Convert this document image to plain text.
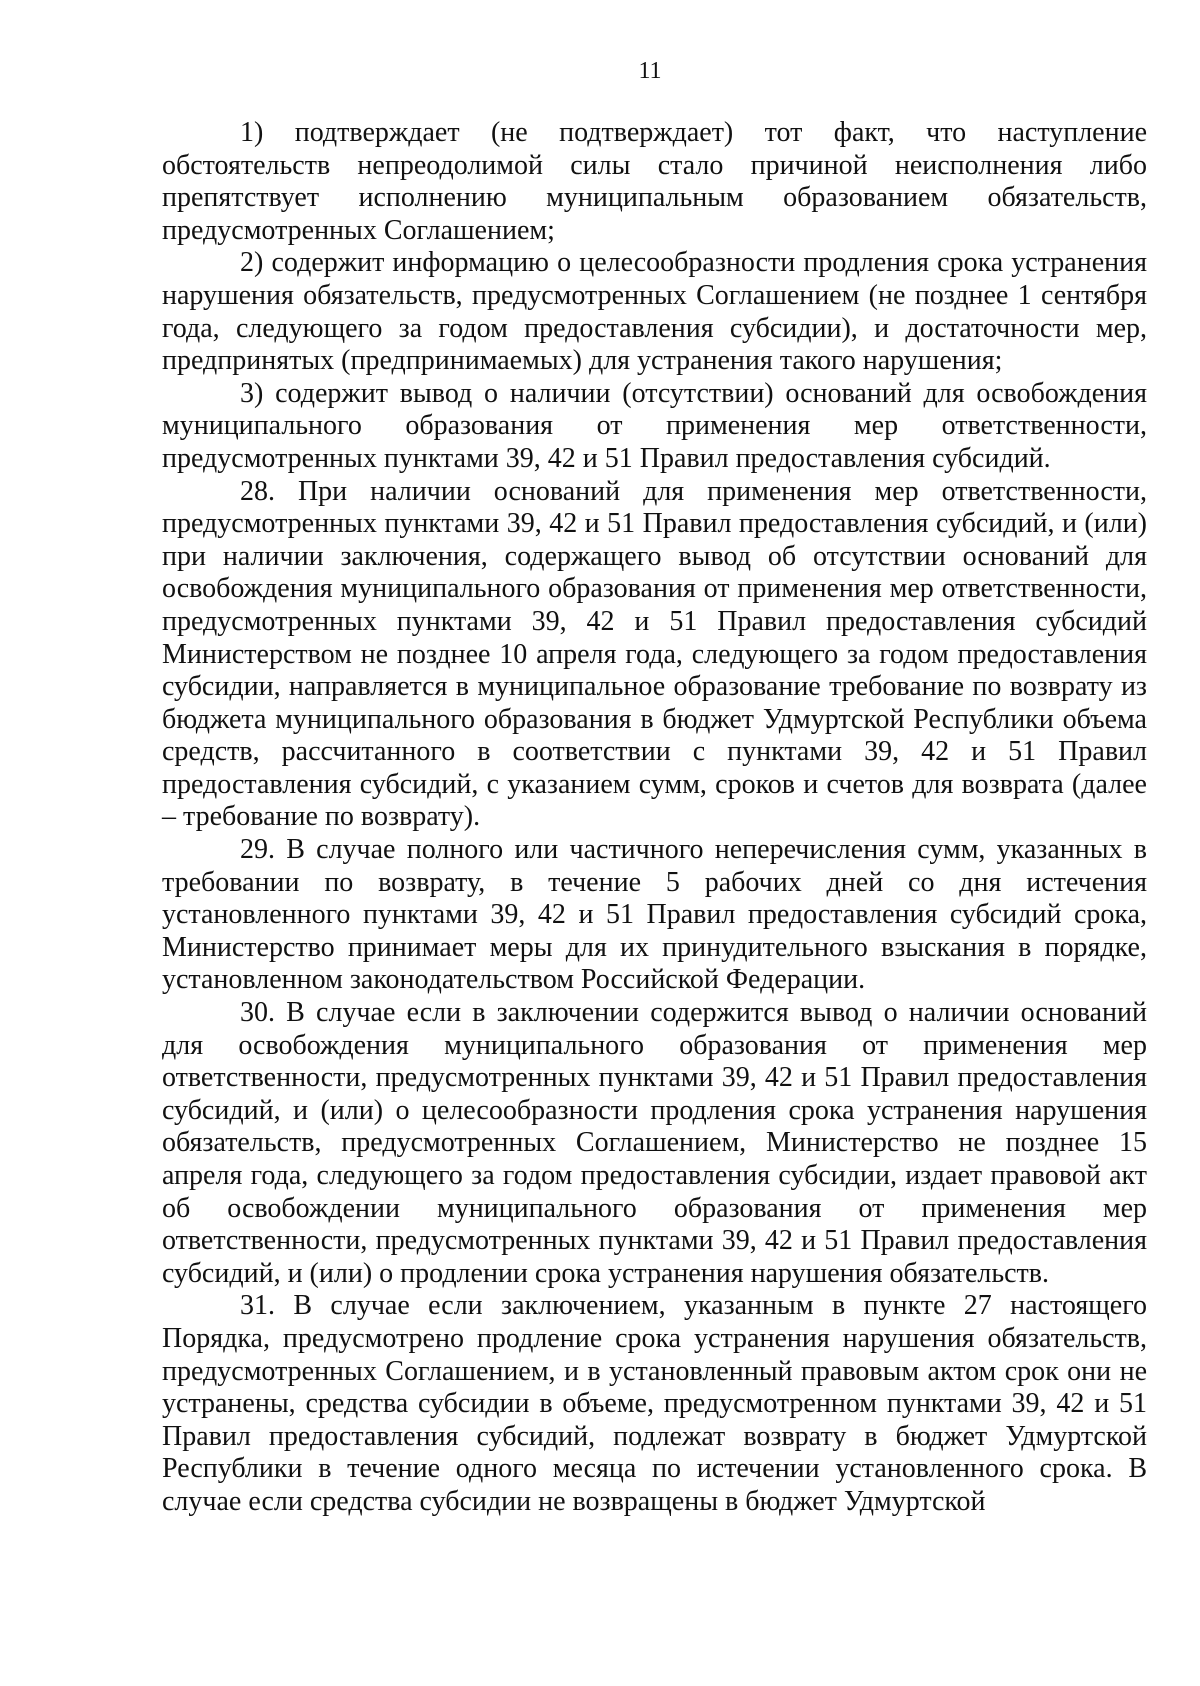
11

1) подтверждает (не подтверждает) тот факт, что наступление обстоятельств непреодолимой силы стало причиной неисполнения либо препятствует исполнению муниципальным образованием обязательств, предусмотренных Соглашением;

2) содержит информацию о целесообразности продления срока устранения нарушения обязательств, предусмотренных Соглашением (не позднее 1 сентября года, следующего за годом предоставления субсидии), и достаточности мер, предпринятых (предпринимаемых) для устранения такого нарушения;

3) содержит вывод о наличии (отсутствии) оснований для освобождения муниципального образования от применения мер ответственности, предусмотренных пунктами 39, 42 и 51 Правил предоставления субсидий.

28. При наличии оснований для применения мер ответственности, предусмотренных пунктами 39, 42 и 51 Правил предоставления субсидий, и (или) при наличии заключения, содержащего вывод об отсутствии оснований для освобождения муниципального образования от применения мер ответственности, предусмотренных пунктами 39, 42 и 51 Правил предоставления субсидий Министерством не позднее 10 апреля года, следующего за годом предоставления субсидии, направляется в муниципальное образование требование по возврату из бюджета муниципального образования в бюджет Удмуртской Республики объема средств, рассчитанного в соответствии с пунктами 39, 42 и 51 Правил предоставления субсидий, с указанием сумм, сроков и счетов для возврата (далее – требование по возврату).

29. В случае полного или частичного неперечисления сумм, указанных в требовании по возврату, в течение 5 рабочих дней со дня истечения установленного пунктами 39, 42 и 51 Правил предоставления субсидий срока, Министерство принимает меры для их принудительного взыскания в порядке, установленном законодательством Российской Федерации.

30. В случае если в заключении содержится вывод о наличии оснований для освобождения муниципального образования от применения мер ответственности, предусмотренных пунктами 39, 42 и 51 Правил предоставления субсидий, и (или) о целесообразности продления срока устранения нарушения обязательств, предусмотренных Соглашением, Министерство не позднее 15 апреля года, следующего за годом предоставления субсидии, издает правовой акт об освобождении муниципального образования от применения мер ответственности, предусмотренных пунктами 39, 42 и 51 Правил предоставления субсидий, и (или) о продлении срока устранения нарушения обязательств.

31. В случае если заключением, указанным в пункте 27 настоящего Порядка, предусмотрено продление срока устранения нарушения обязательств, предусмотренных Соглашением, и в установленный правовым актом срок они не устранены, средства субсидии в объеме, предусмотренном пунктами 39, 42 и 51 Правил предоставления субсидий, подлежат возврату в бюджет Удмуртской Республики в течение одного месяца по истечении установленного срока. В случае если средства субсидии не возвращены в бюджет Удмуртской
